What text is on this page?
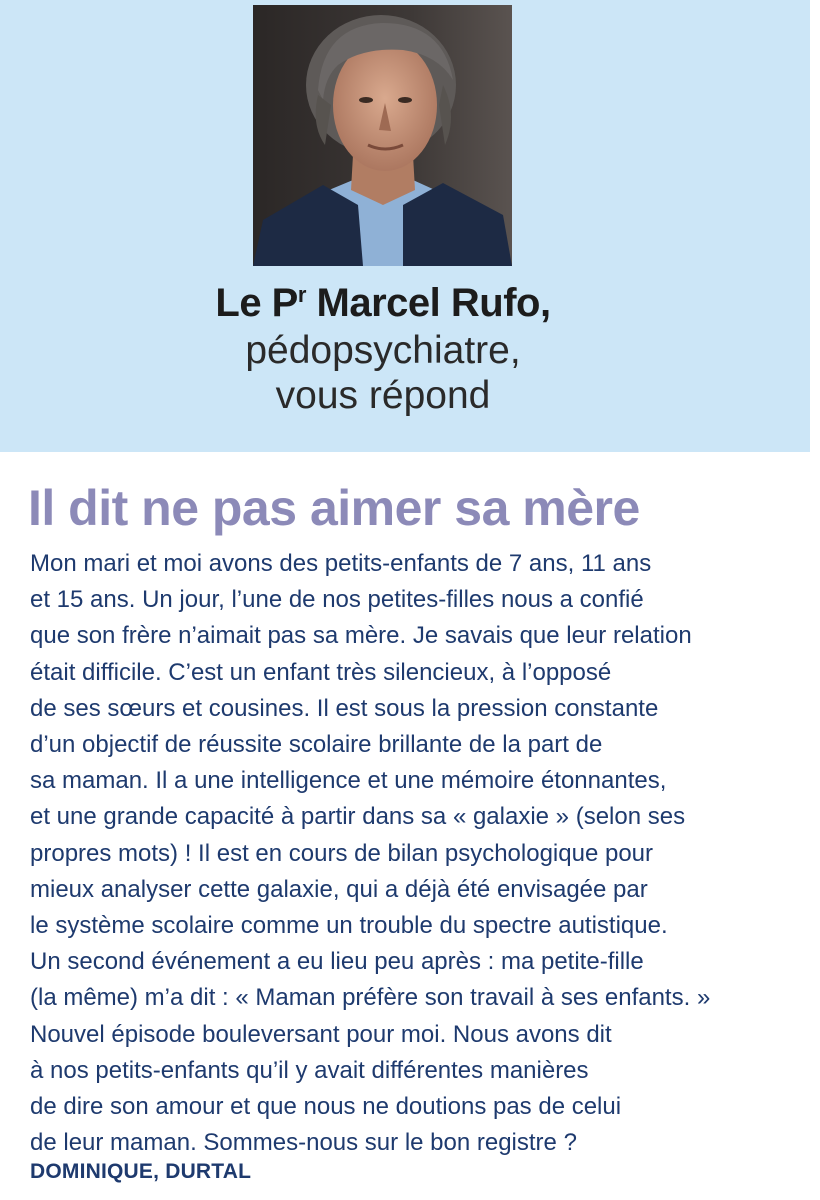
Le $P^r$ Marcel Rufo,
pédopsychiatre,
vous répond
Il dit ne pas aimer sa mère
Mon mari et moi avons des petits-enfants de 7 ans, 11 ans
et 15 ans. Un jour, l’une de nos petites-filles nous a confié
que son frère n’aimait pas sa mère. Je savais que leur relation
était difficile. C’est un enfant très silencieux, à l’opposé
de ses sœurs et cousines. Il est sous la pression constante
d’un objectif de réussite scolaire brillante de la part de
sa maman. Il a une intelligence et une mémoire étonnantes,
et une grande capacité à partir dans sa « galaxie » (selon ses
propres mots) ! Il est en cours de bilan psychologique pour
mieux analyser cette galaxie, qui a déjà été envisagée par
le système scolaire comme un trouble du spectre autistique.
Un second événement a eu lieu peu après : ma petite-fille
(la même) m’a dit : « Maman préfère son travail à ses enfants. »
Nouvel épisode bouleversant pour moi. Nous avons dit
à nos petits-enfants qu’il y avait différentes manières
de dire son amour et que nous ne doutions pas de celui
de leur maman. Sommes-nous sur le bon registre ?
DOMINIQUE, DURTAL
